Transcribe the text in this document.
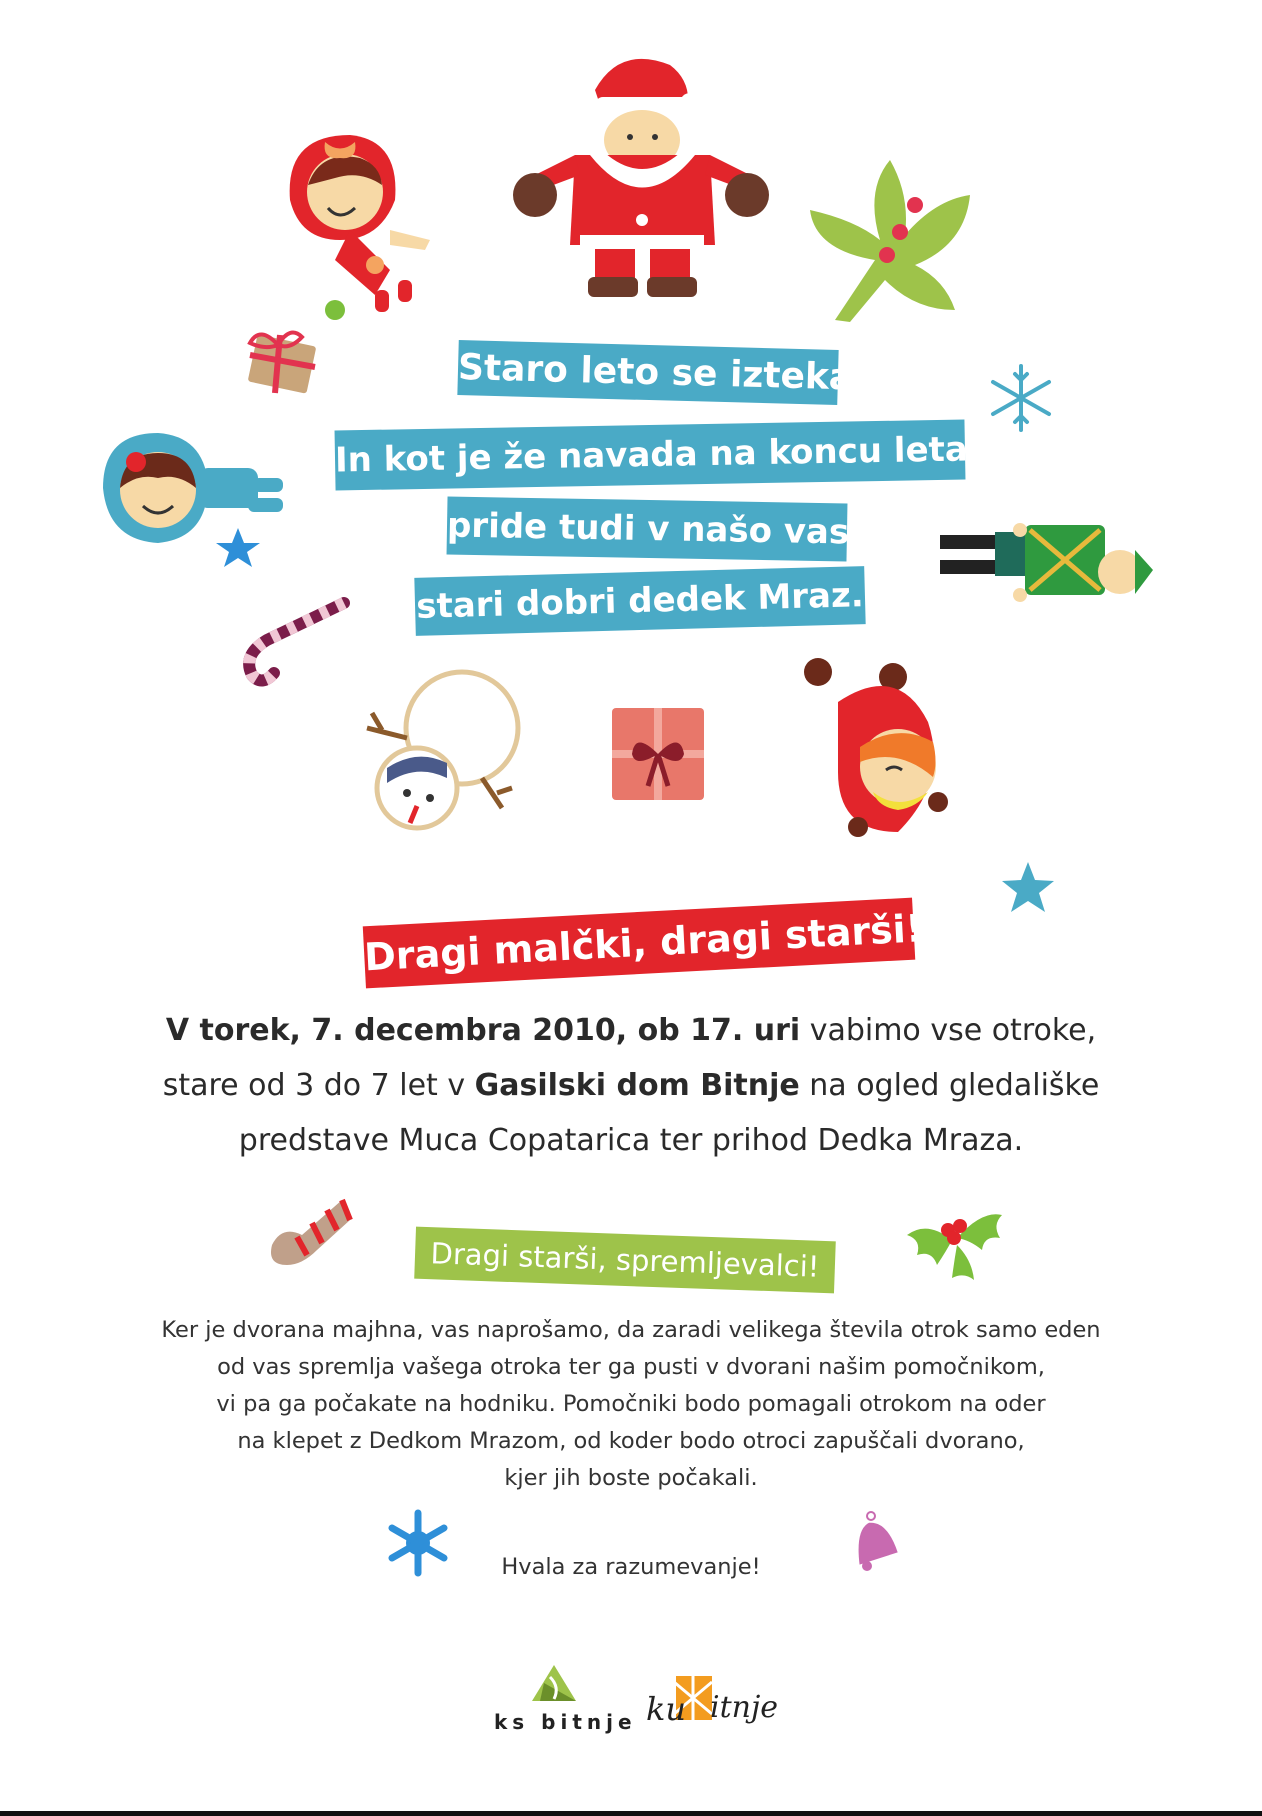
Staro leto se izteka.
In kot je že navada na koncu leta
pride tudi v našo vas
stari dobri dedek Mraz.
Dragi malčki, dragi starši!
V torek, 7. decembra 2010, ob 17. uri vabimo vse otroke,
stare od 3 do 7 let v Gasilski dom Bitnje na ogled gledališke
predstave Muca Copatarica ter prihod Dedka Mraza.
Dragi starši, spremljevalci!
Ker je dvorana majhna, vas naprošamo, da zaradi velikega števila otrok samo eden
od vas spremlja vašega otroka ter ga pusti v dvorani našim pomočnikom,
vi pa ga počakate na hodniku. Pomočniki bodo pomagali otrokom na oder
na klepet z Dedkom Mrazom, od koder bodo otroci zapuščali dvorano,
kjer jih boste počakali.
Hvala za razumevanje!
ks bitnje ku itnje
